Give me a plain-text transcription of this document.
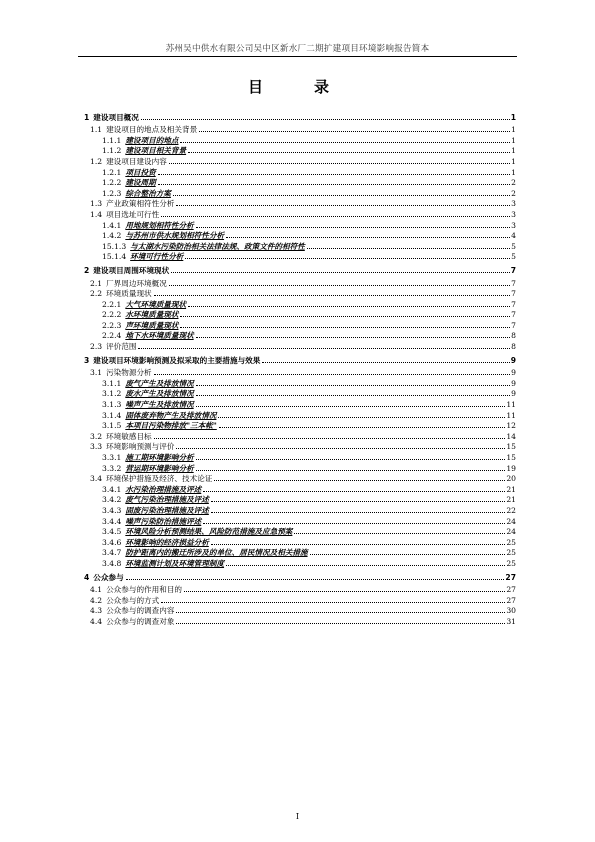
苏州吴中供水有限公司吴中区新水厂二期扩建项目环境影响报告简本
目　录
1 建设项目概况	1
1.1 建设项目的地点及相关背景	1
1.1.1 建设项目的地点	1
1.1.2 建设项目相关背景	1
1.2 建设项目建设内容	1
1.2.1 项目投资	1
1.2.2 建设周期	2
1.2.3 综合整治方案	2
1.3 产业政策相符性分析	3
1.4 项目选址可行性	3
1.4.1 用地规划相符性分析	3
1.4.2 与苏州市供水规划相符性分析	4
15.1.3 与太湖水污染防治相关法律法规、政策文件的相符性	5
15.1.4 环境可行性分析	5
2 建设项目周围环境现状	7
2.1 厂界周边环境概况	7
2.2 环境质量现状	7
2.2.1 大气环境质量现状	7
2.2.2 水环境质量现状	7
2.2.3 声环境质量现状	7
2.2.4 地下水环境质量现状	8
2.3 评价范围	8
3 建设项目环境影响预测及拟采取的主要措施与效果	9
3.1 污染物源分析	9
3.1.1 废气产生及排放情况	9
3.1.2 废水产生及排放情况	9
3.1.3 噪声产生及排放情况	11
3.1.4 固体废弃物产生及排放情况	11
3.1.5 本项目污染物排放"三本帐"	12
3.2 环境敏感目标	14
3.3 环境影响预测与评价	15
3.3.1 施工期环境影响分析	15
3.3.2 营运期环境影响分析	19
3.4 环境保护措施及经济、技术论证	20
3.4.1 水污染治理措施及评述	21
3.4.2 废气污染治理措施及评述	21
3.4.3 固废污染治理措施及评述	22
3.4.4 噪声污染防治措施评述	24
3.4.5 环境风险分析预测结果、风险防范措施及应急预案	24
3.4.6 环境影响的经济损益分析	25
3.4.7 防护距离内的搬迁所涉及的单位、居民情况及相关措施	25
3.4.8 环境监测计划及环境管理制度	25
4 公众参与	27
4.1 公众参与的作用和目的	27
4.2 公众参与的方式	27
4.3 公众参与的调查内容	30
4.4 公众参与的调查对象	31
I
